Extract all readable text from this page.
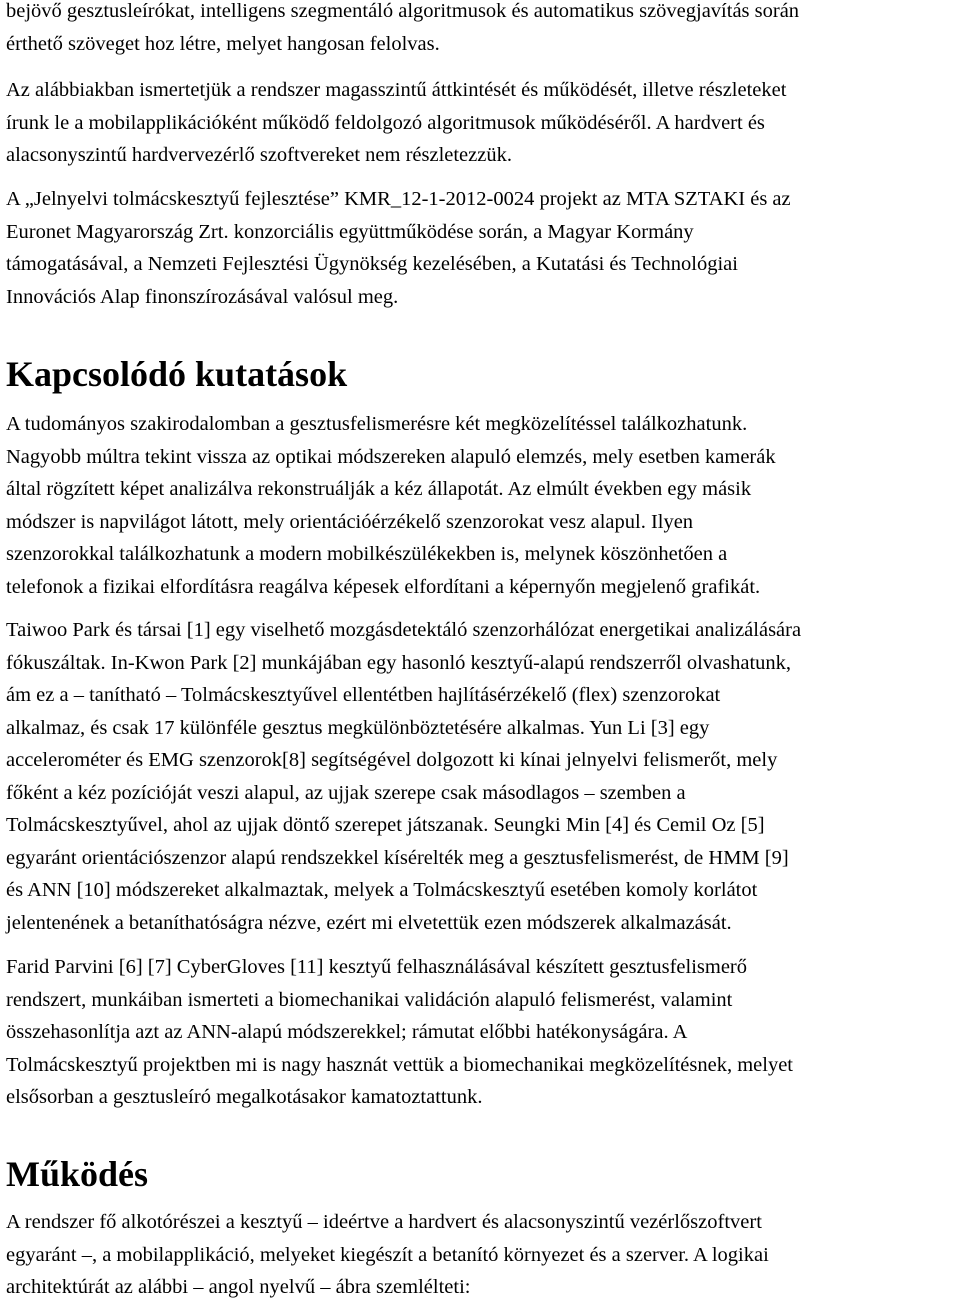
bejövő gesztusleírókat, intelligens szegmentáló algoritmusok és automatikus szövegjavítás során
érthető szöveget hoz létre, melyet hangosan felolvas.

Az alábbiakban ismertetjük a rendszer magasszintű áttkintését és működését, illetve részleteket
írunk le a mobilapplikációként működő feldolgozó algoritmusok működéséről. A hardvert és
alacsonyszintű hardvervezérlő szoftvereket nem részletezzük.

A „Jelnyelvi tolmácskesztyű fejlesztése” KMR_12-1-2012-0024 projekt az MTA SZTAKI és az
Euronet Magyarország Zrt. konzorciális együttműködése során, a Magyar Kormány
támogatásával, a Nemzeti Fejlesztési Ügynökség kezelésében, a Kutatási és Technológiai
Innovációs Alap finonszírozásával valósul meg.

Kapcsolódó kutatások

A tudományos szakirodalomban a gesztusfelismerésre két megközelítéssel találkozhatunk.
Nagyobb múltra tekint vissza az optikai módszereken alapuló elemzés, mely esetben kamerák
által rögzített képet analizálva rekonstruálják a kéz állapotát. Az elmúlt években egy másik
módszer is napvilágot látott, mely orientációérzékelő szenzorokat vesz alapul. Ilyen
szenzorokkal találkozhatunk a modern mobilkészülékekben is, melynek köszönhetően a
telefonok a fizikai elfordításra reagálva képesek elfordítani a képernyőn megjelenő grafikát.

Taiwoo Park és társai [1] egy viselhető mozgásdetektáló szenzorhálózat energetikai analizálására
fókuszáltak. In-Kwon Park [2] munkájában egy hasonló kesztyű-alapú rendszerről olvashatunk,
ám ez a – tanítható – Tolmácskesztyűvel ellentétben hajlításérzékelő (flex) szenzorokat
alkalmaz, és csak 17 különféle gesztus megkülönböztetésére alkalmas. Yun Li [3] egy
accelerométer és EMG szenzorok[8] segítségével dolgozott ki kínai jelnyelvi felismerőt, mely
főként a kéz pozícióját veszi alapul, az ujjak szerepe csak másodlagos – szemben a
Tolmácskesztyűvel, ahol az ujjak döntő szerepet játszanak. Seungki Min [4] és Cemil Oz [5]
egyaránt orientációszenzor alapú rendszekkel kísérelték meg a gesztusfelismerést, de HMM [9]
és ANN [10] módszereket alkalmaztak, melyek a Tolmácskesztyű esetében komoly korlátot
jelentenének a betaníthatóságra nézve, ezért mi elvetettük ezen módszerek alkalmazását.

Farid Parvini [6] [7] CyberGloves [11] kesztyű felhasználásával készített gesztusfelismerő
rendszert, munkáiban ismerteti a biomechanikai validáción alapuló felismerést, valamint
összehasonlítja azt az ANN-alapú módszerekkel; rámutat előbbi hatékonyságára. A
Tolmácskesztyű projektben mi is nagy hasznát vettük a biomechanikai megközelítésnek, melyet
elsősorban a gesztusleíró megalkotásakor kamatoztattunk.

Működés

A rendszer fő alkotórészei a kesztyű – ideértve a hardvert és alacsonyszintű vezérlőszoftvert
egyaránt –, a mobilapplikáció, melyeket kiegészít a betanító környezet és a szerver. A logikai
architektúrát az alábbi – angol nyelvű – ábra szemlélteti:
